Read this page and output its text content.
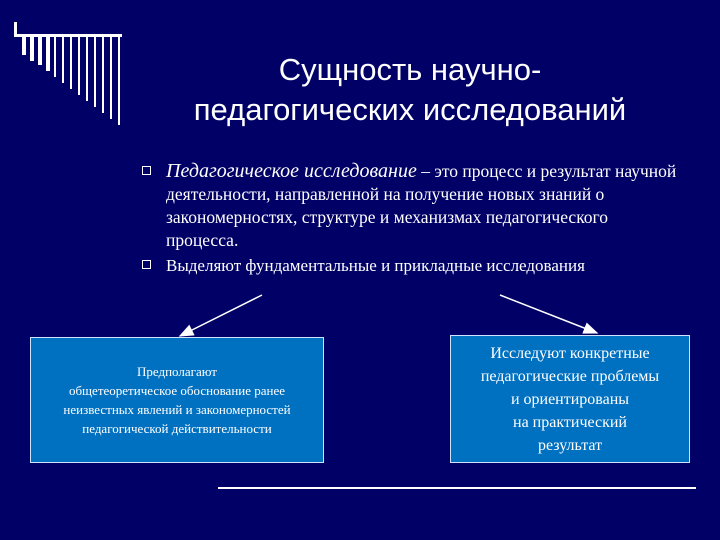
Сущность научно-
педагогических исследований
Педагогическое исследование – это процесс и результат научной деятельности, направленной на получение новых знаний о закономерностях, структуре и механизмах педагогического процесса.
Выделяют фундаментальные и прикладные исследования
Предполагают
общетеоретическое обоснование ранее
неизвестных явлений и закономерностей
педагогической действительности
Исследуют конкретные
педагогические проблемы
и ориентированы
на практический
результат
